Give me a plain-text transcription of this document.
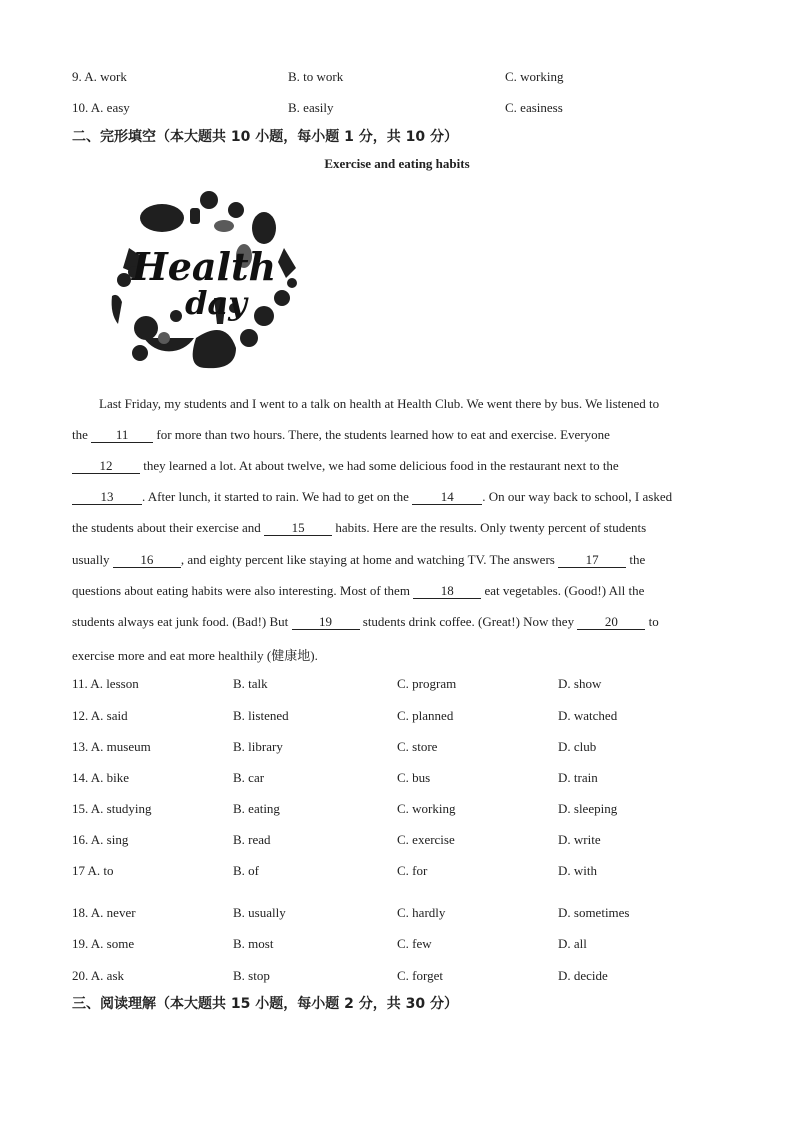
9. A. work	B. to work	C. working
10. A. easy	B. easily	C. easiness
二、完形填空（本大题共 10 小题，每小题 1 分，共 10 分）
Exercise and eating habits
Health
day
Last Friday, my students and I went to a talk on health at Health Club. We went there by bus. We listened to
the 11 for more than two hours. There, the students learned how to eat and exercise. Everyone
12 they learned a lot. At about twelve, we had some delicious food in the restaurant next to the
13 . After lunch, it started to rain. We had to get on the 14 . On our way back to school, I asked
the students about their exercise and 15 habits. Here are the results. Only twenty percent of students
usually 16 , and eighty percent like staying at home and watching TV. The answers 17 the
questions about eating habits were also interesting. Most of them 18 eat vegetables. (Good!) All the
students always eat junk food. (Bad!) But 19 students drink coffee. (Great!) Now they 20 to
exercise more and eat more healthily (健康地).
11. A. lesson	B. talk	C. program	D. show
12. A. said	B. listened	C. planned	D. watched
13. A. museum	B. library	C. store	D. club
14. A. bike	B. car	C. bus	D. train
15. A. studying	B. eating	C. working	D. sleeping
16. A. sing	B. read	C. exercise	D. write
17 A. to	B. of	C. for	D. with
18. A. never	B. usually	C. hardly	D. sometimes
19. A. some	B. most	C. few	D. all
20. A. ask	B. stop	C. forget	D. decide
三、阅读理解（本大题共 15 小题，每小题 2 分，共 30 分）
